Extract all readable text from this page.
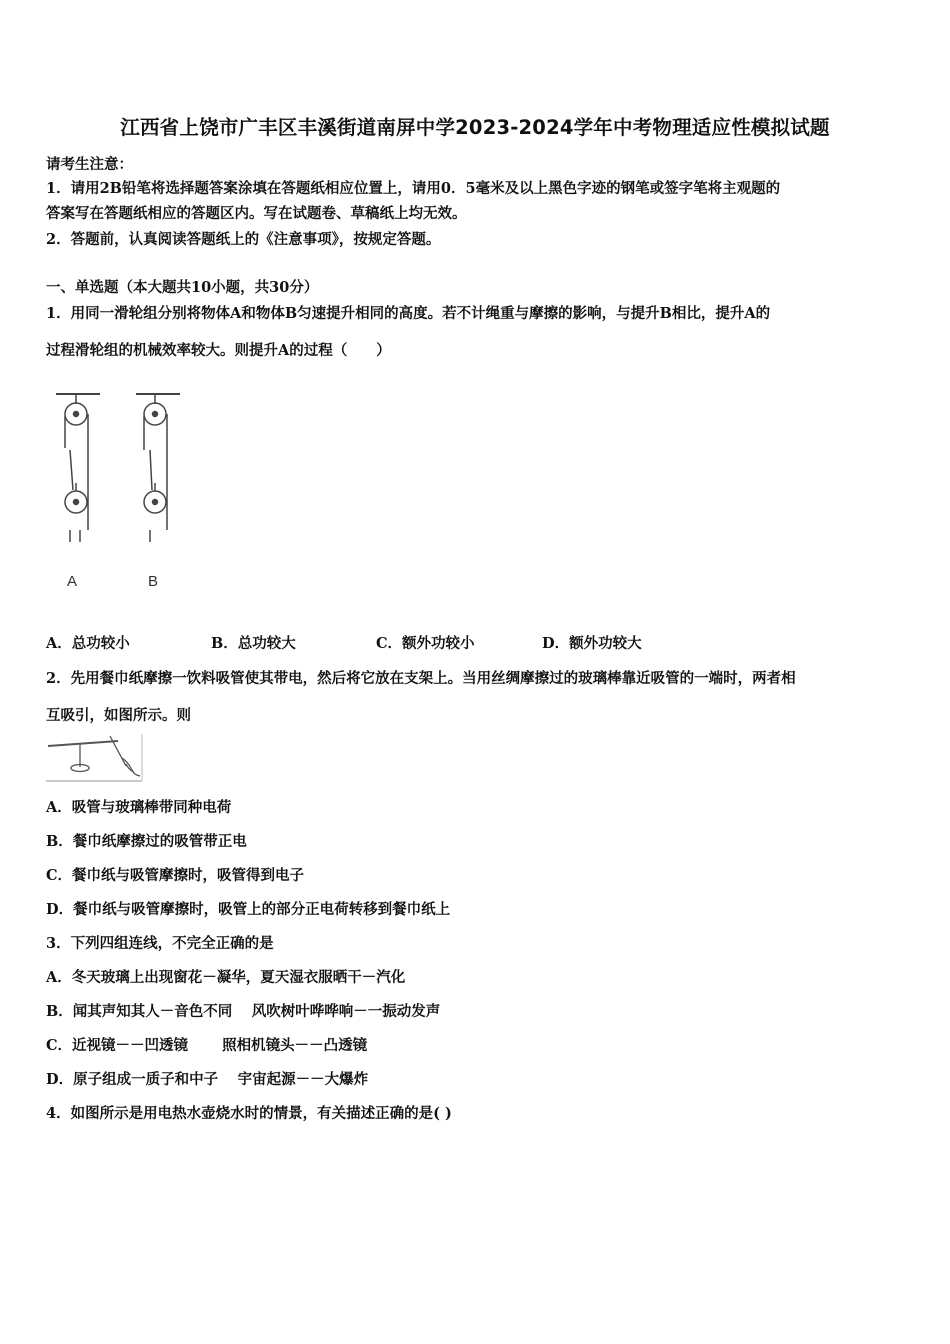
江西省上饶市广丰区丰溪街道南屏中学2023-2024学年中考物理适应性模拟试题
请考生注意：
1．请用2B铅笔将选择题答案涂填在答题纸相应位置上，请用0．5毫米及以上黑色字迹的钢笔或签字笔将主观题的
答案写在答题纸相应的答题区内。写在试题卷、草稿纸上均无效。
2．答题前，认真阅读答题纸上的《注意事项》，按规定答题。
一、单选题（本大题共10小题，共30分）
1．用同一滑轮组分别将物体A和物体B匀速提升相同的高度。若不计绳重与摩擦的影响，与提升B相比，提升A的
过程滑轮组的机械效率较大。则提升A的过程（　　）
A	B
A．总功较小	B．总功较大	C．额外功较小	D．额外功较大
2．先用餐巾纸摩擦一饮料吸管使其带电，然后将它放在支架上。当用丝绸摩擦过的玻璃棒靠近吸管的一端时，两者相
互吸引，如图所示。则
A．吸管与玻璃棒带同种电荷
B．餐巾纸摩擦过的吸管带正电
C．餐巾纸与吸管摩擦时，吸管得到电子
D．餐巾纸与吸管摩擦时，吸管上的部分正电荷转移到餐巾纸上
3．下列四组连线，不完全正确的是
A．冬天玻璃上出现窗花－凝华，夏天湿衣服晒干－汽化
B．闻其声知其人－音色不同　 风吹树叶哗哗响－一振动发声
C．近视镜－－凹透镜　　 照相机镜头－－凸透镜
D．原子组成一质子和中子　 宇宙起源－－大爆炸
4．如图所示是用电热水壶烧水时的情景，有关描述正确的是( )
